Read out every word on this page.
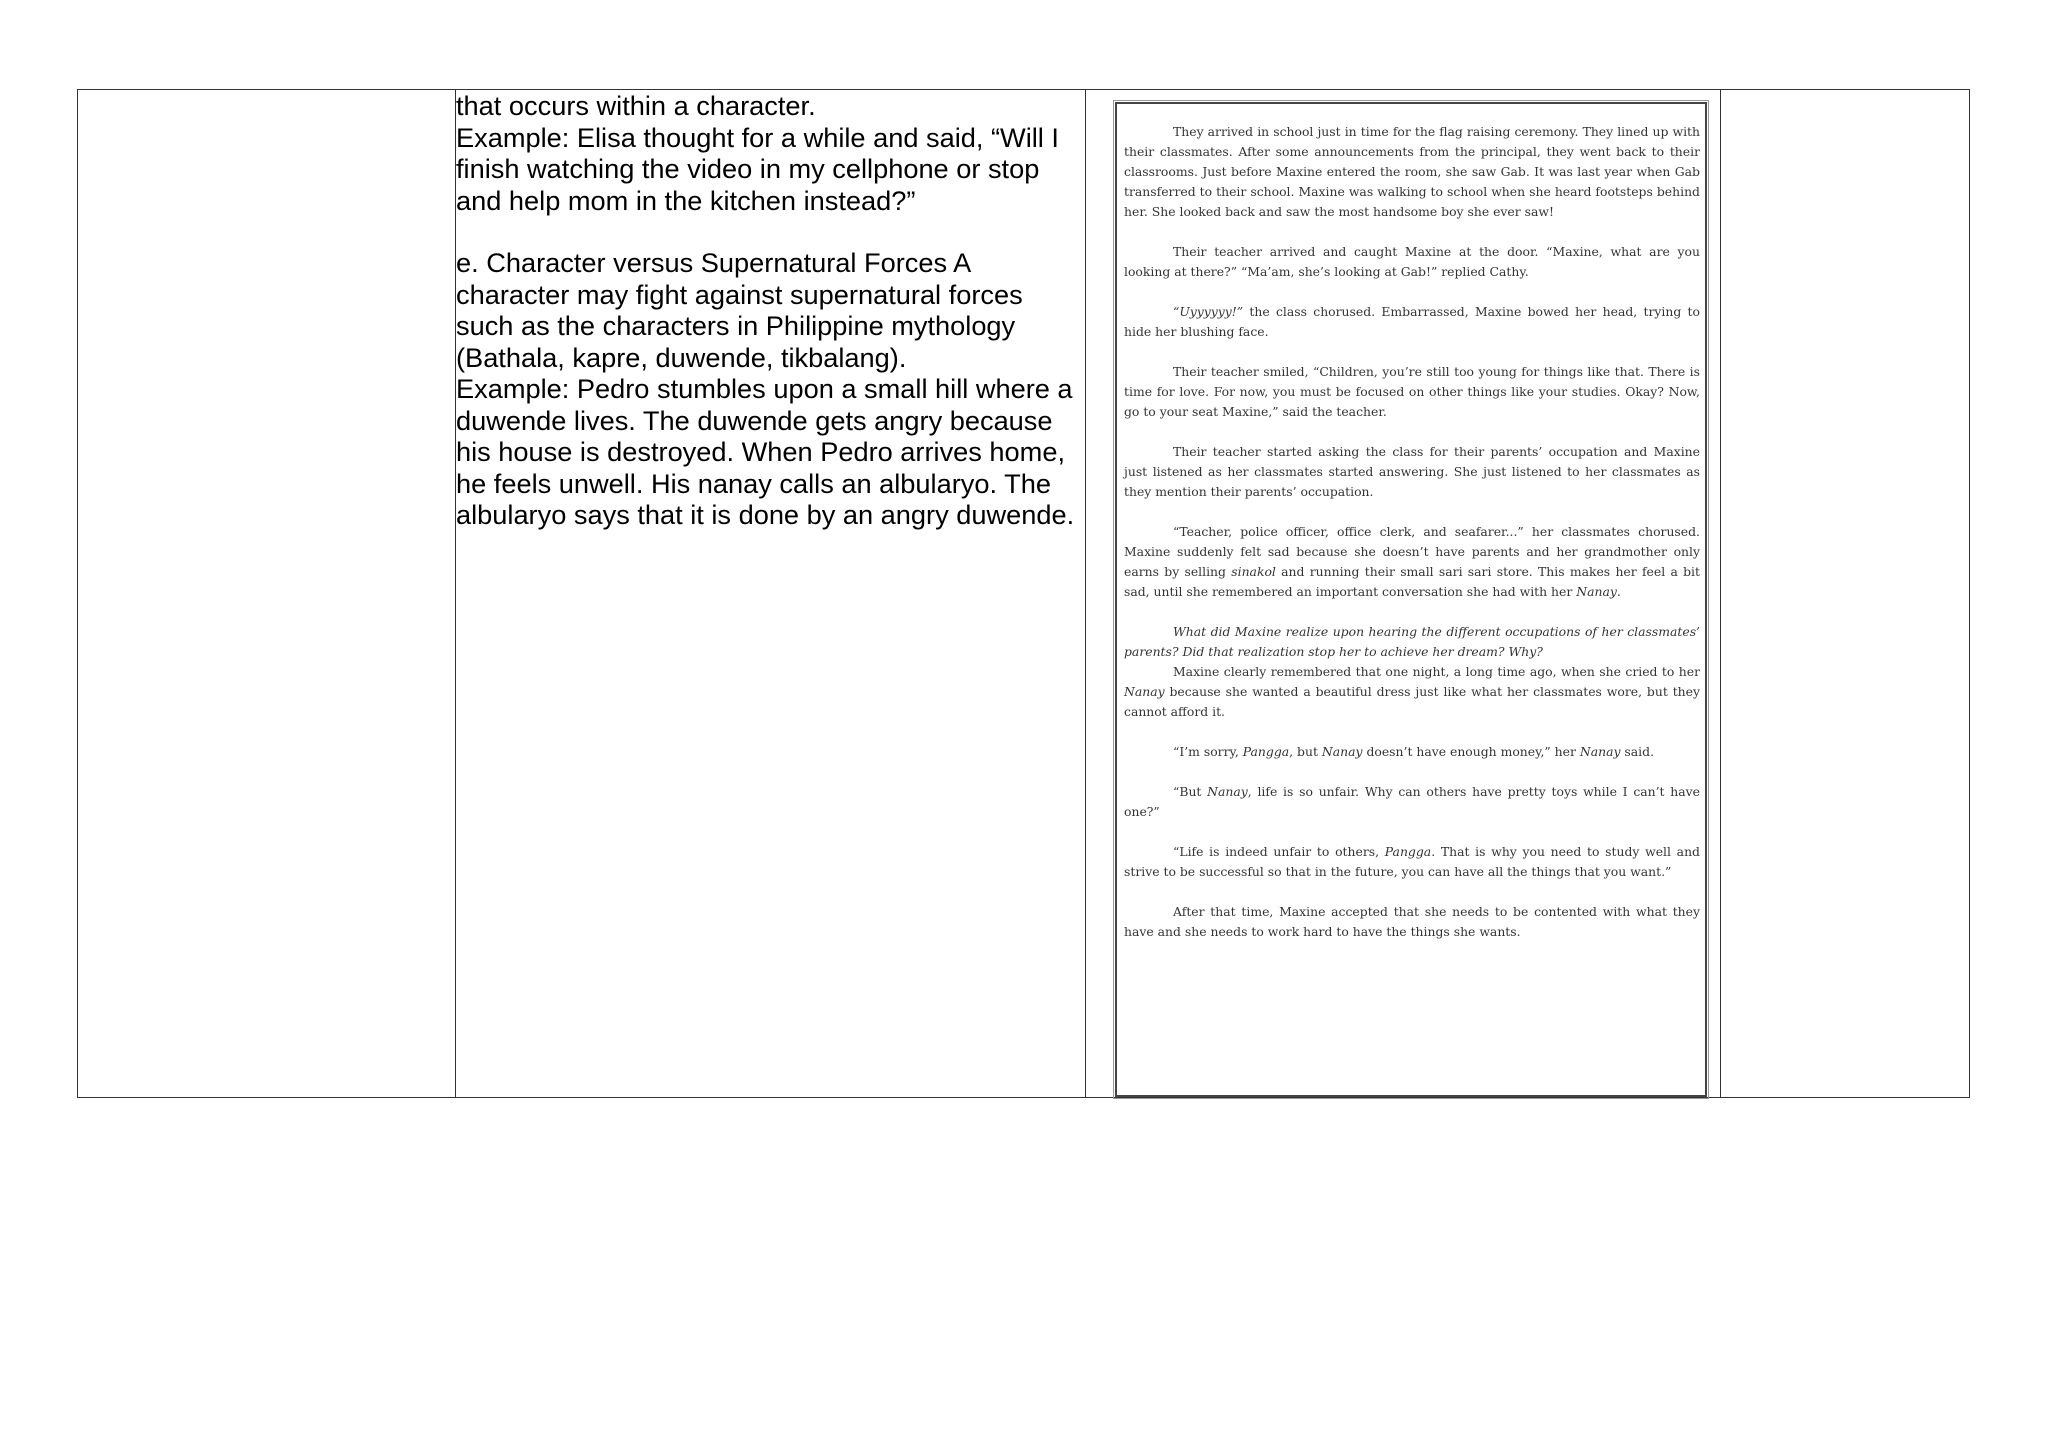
that occurs within a character.

Example: Elisa thought for a while and said, “Will I finish watching the video in my cellphone or stop and help mom in the kitchen instead?”

e. Character versus Supernatural Forces A character may fight against supernatural forces such as the characters in Philippine mythology (Bathala, kapre, duwende, tikbalang).

Example: Pedro stumbles upon a small hill where a duwende lives. The duwende gets angry because his house is destroyed. When Pedro arrives home, he feels unwell. His nanay calls an albularyo. The albularyo says that it is done by an angry duwende.

They arrived in school just in time for the flag raising ceremony. They lined up with their classmates. After some announcements from the principal, they went back to their classrooms. Just before Maxine entered the room, she saw Gab. It was last year when Gab transferred to their school. Maxine was walking to school when she heard footsteps behind her. She looked back and saw the most handsome boy she ever saw!

Their teacher arrived and caught Maxine at the door. “Maxine, what are you looking at there?” “Ma’am, she’s looking at Gab!” replied Cathy.

“Uyyyyyy!” the class chorused. Embarrassed, Maxine bowed her head, trying to hide her blushing face.

Their teacher smiled, “Children, you’re still too young for things like that. There is time for love. For now, you must be focused on other things like your studies. Okay? Now, go to your seat Maxine,” said the teacher.

Their teacher started asking the class for their parents’ occupation and Maxine just listened as her classmates started answering. She just listened to her classmates as they mention their parents’ occupation.

“Teacher, police officer, office clerk, and seafarer...” her classmates chorused. Maxine suddenly felt sad because she doesn’t have parents and her grandmother only earns by selling sinakol and running their small sari sari store. This makes her feel a bit sad, until she remembered an important conversation she had with her Nanay.

What did Maxine realize upon hearing the different occupations of her classmates’ parents? Did that realization stop her to achieve her dream? Why?

Maxine clearly remembered that one night, a long time ago, when she cried to her Nanay because she wanted a beautiful dress just like what her classmates wore, but they cannot afford it.

“I’m sorry, Pangga, but Nanay doesn’t have enough money,” her Nanay said.

“But Nanay, life is so unfair. Why can others have pretty toys while I can’t have one?”

“Life is indeed unfair to others, Pangga. That is why you need to study well and strive to be successful so that in the future, you can have all the things that you want.”

After that time, Maxine accepted that she needs to be contented with what they have and she needs to work hard to have the things she wants.
